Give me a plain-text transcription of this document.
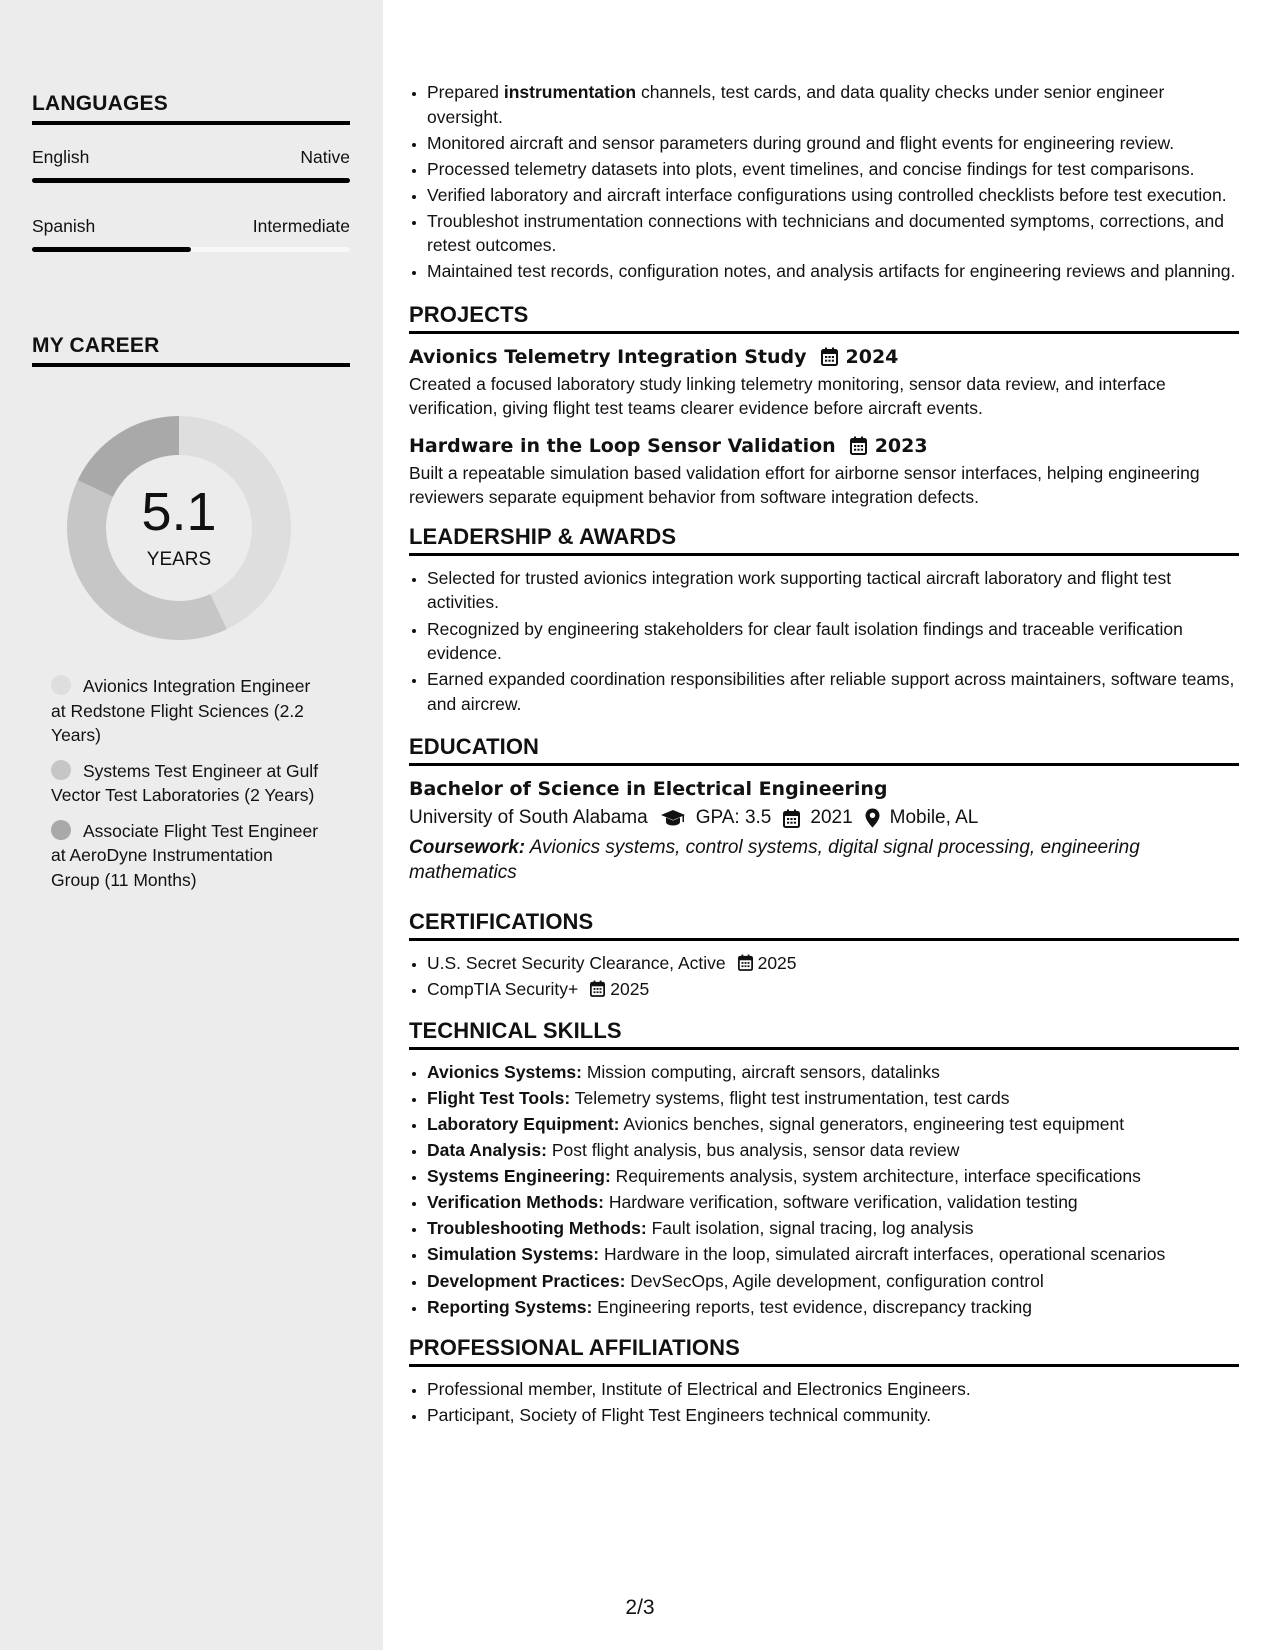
LANGUAGES
English	Native
Spanish	Intermediate
MY CAREER
5.1
YEARS
Avionics Integration Engineer at Redstone Flight Sciences (2.2 Years)
Systems Test Engineer at Gulf Vector Test Laboratories (2 Years)
Associate Flight Test Engineer at AeroDyne Instrumentation Group (11 Months)
• Prepared instrumentation channels, test cards, and data quality checks under senior engineer oversight.
• Monitored aircraft and sensor parameters during ground and flight events for engineering review.
• Processed telemetry datasets into plots, event timelines, and concise findings for test comparisons.
• Verified laboratory and aircraft interface configurations using controlled checklists before test execution.
• Troubleshot instrumentation connections with technicians and documented symptoms, corrections, and retest outcomes.
• Maintained test records, configuration notes, and analysis artifacts for engineering reviews and planning.
PROJECTS
Avionics Telemetry Integration Study 2024
Created a focused laboratory study linking telemetry monitoring, sensor data review, and interface verification, giving flight test teams clearer evidence before aircraft events.
Hardware in the Loop Sensor Validation 2023
Built a repeatable simulation based validation effort for airborne sensor interfaces, helping engineering reviewers separate equipment behavior from software integration defects.
LEADERSHIP & AWARDS
• Selected for trusted avionics integration work supporting tactical aircraft laboratory and flight test activities.
• Recognized by engineering stakeholders for clear fault isolation findings and traceable verification evidence.
• Earned expanded coordination responsibilities after reliable support across maintainers, software teams, and aircrew.
EDUCATION
Bachelor of Science in Electrical Engineering
University of South Alabama	GPA: 3.5 2021 Mobile, AL
Coursework: Avionics systems, control systems, digital signal processing, engineering mathematics
CERTIFICATIONS
• U.S. Secret Security Clearance, Active 2025
• CompTIA Security+ 2025
TECHNICAL SKILLS
• Avionics Systems: Mission computing, aircraft sensors, datalinks
• Flight Test Tools: Telemetry systems, flight test instrumentation, test cards
• Laboratory Equipment: Avionics benches, signal generators, engineering test equipment
• Data Analysis: Post flight analysis, bus analysis, sensor data review
• Systems Engineering: Requirements analysis, system architecture, interface specifications
• Verification Methods: Hardware verification, software verification, validation testing
• Troubleshooting Methods: Fault isolation, signal tracing, log analysis
• Simulation Systems: Hardware in the loop, simulated aircraft interfaces, operational scenarios
• Development Practices: DevSecOps, Agile development, configuration control
• Reporting Systems: Engineering reports, test evidence, discrepancy tracking
PROFESSIONAL AFFILIATIONS
• Professional member, Institute of Electrical and Electronics Engineers.
• Participant, Society of Flight Test Engineers technical community.
2/3
